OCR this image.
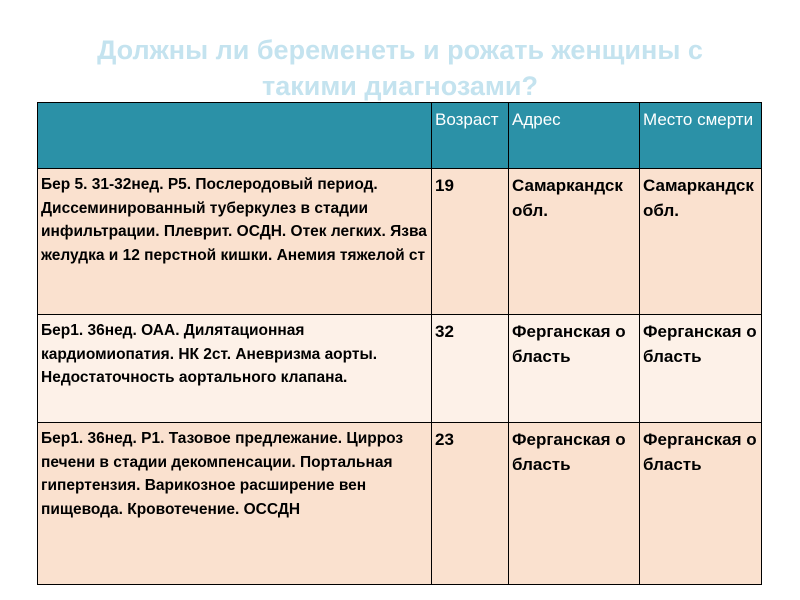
Должны ли беременеть и рожать женщины с
такими диагнозами?
	Возраст	Адрес	Место смерти
Бер 5. 31-32нед. Р5. Послеродовый период. Диссеминированный туберкулез в стадии инфильтрации. Плеврит. ОСДН. Отек легких. Язва желудка и 12 перстной кишки. Анемия тяжелой ст	19	Самаркандск обл.	Самаркандск обл.
Бер1. 36нед. ОАА. Дилятационная кардиомиопатия. НК 2ст. Аневризма аорты. Недостаточность аортального клапана.	32	Ферганская область	Ферганская область
Бер1. 36нед. Р1. Тазовое предлежание. Цирроз печени в стадии декомпенсации. Портальная гипертензия. Варикозное расширение вен пищевода. Кровотечение. ОССДН	23	Ферганская область	Ферганская область
